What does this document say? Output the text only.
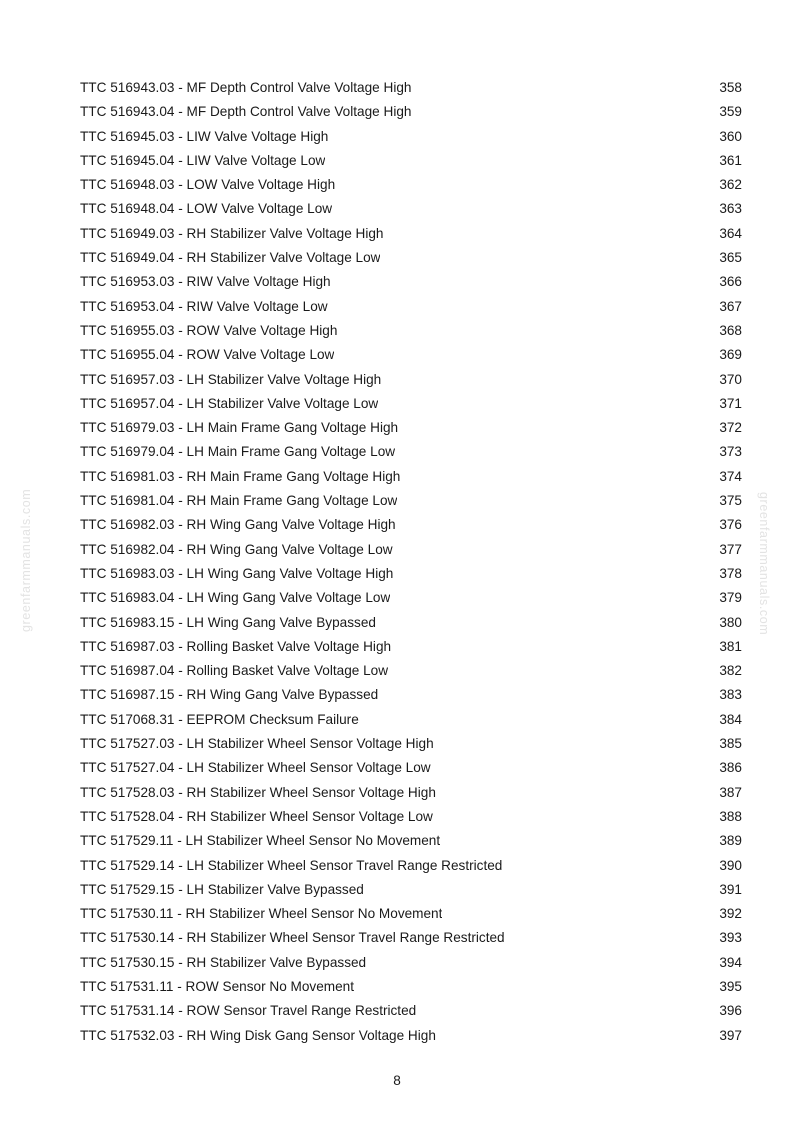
greenfarmmanuals.com	greenfarmmanuals.com
TTC 516943.03 - MF Depth Control Valve Voltage High	358
TTC 516943.04 - MF Depth Control Valve Voltage High	359
TTC 516945.03 - LIW Valve Voltage High	360
TTC 516945.04 - LIW Valve Voltage Low	361
TTC 516948.03 - LOW Valve Voltage High	362
TTC 516948.04 - LOW Valve Voltage Low	363
TTC 516949.03 - RH Stabilizer Valve Voltage High	364
TTC 516949.04 - RH Stabilizer Valve Voltage Low	365
TTC 516953.03 - RIW Valve Voltage High	366
TTC 516953.04 - RIW Valve Voltage Low	367
TTC 516955.03 - ROW Valve Voltage High	368
TTC 516955.04 - ROW Valve Voltage Low	369
TTC 516957.03 - LH Stabilizer Valve Voltage High	370
TTC 516957.04 - LH Stabilizer Valve Voltage Low	371
TTC 516979.03 - LH Main Frame Gang Voltage High	372
TTC 516979.04 - LH Main Frame Gang Voltage Low	373
TTC 516981.03 - RH Main Frame Gang Voltage High	374
TTC 516981.04 - RH Main Frame Gang Voltage Low	375
TTC 516982.03 - RH Wing Gang Valve Voltage High	376
TTC 516982.04 - RH Wing Gang Valve Voltage Low	377
TTC 516983.03 - LH Wing Gang Valve Voltage High	378
TTC 516983.04 - LH Wing Gang Valve Voltage Low	379
TTC 516983.15 - LH Wing Gang Valve Bypassed	380
TTC 516987.03 - Rolling Basket Valve Voltage High	381
TTC 516987.04 - Rolling Basket Valve Voltage Low	382
TTC 516987.15 - RH Wing Gang Valve Bypassed	383
TTC 517068.31 - EEPROM Checksum Failure	384
TTC 517527.03 - LH Stabilizer Wheel Sensor Voltage High	385
TTC 517527.04 - LH Stabilizer Wheel Sensor Voltage Low	386
TTC 517528.03 - RH Stabilizer Wheel Sensor Voltage High	387
TTC 517528.04 - RH Stabilizer Wheel Sensor Voltage Low	388
TTC 517529.11 - LH Stabilizer Wheel Sensor No Movement	389
TTC 517529.14 - LH Stabilizer Wheel Sensor Travel Range Restricted	390
TTC 517529.15 - LH Stabilizer Valve Bypassed	391
TTC 517530.11 - RH Stabilizer Wheel Sensor No Movement	392
TTC 517530.14 - RH Stabilizer Wheel Sensor Travel Range Restricted	393
TTC 517530.15 - RH Stabilizer Valve Bypassed	394
TTC 517531.11 - ROW Sensor No Movement	395
TTC 517531.14 - ROW Sensor Travel Range Restricted	396
TTC 517532.03 - RH Wing Disk Gang Sensor Voltage High	397
8
